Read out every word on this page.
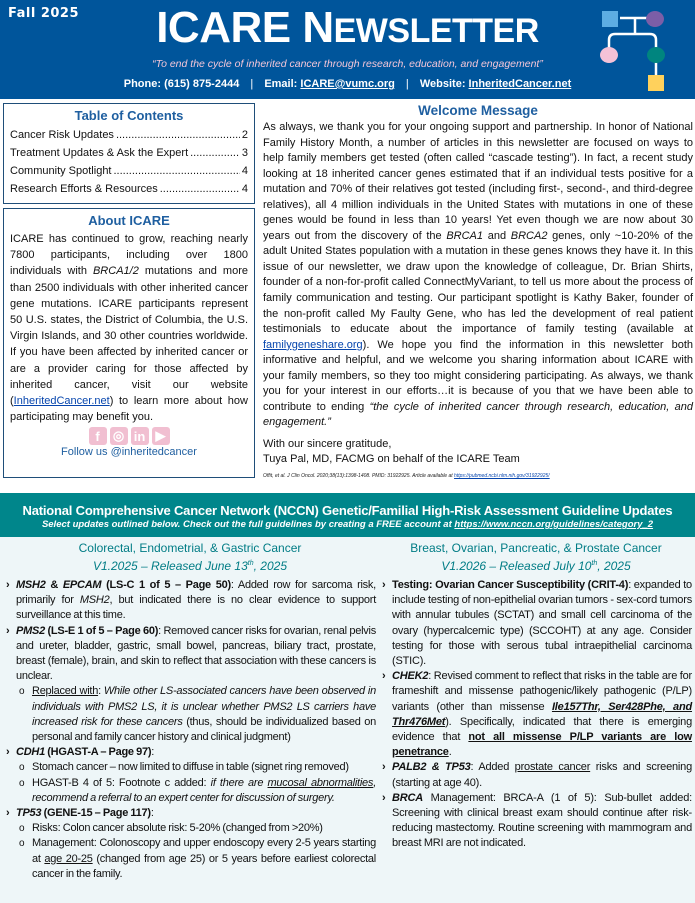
Fall 2025	ICARE NEWSLETTER
“To end the cycle of inherited cancer through research, education, and engagement”
Phone: (615) 875-2444 | Email: ICARE@vumc.org | Website: InheritedCancer.net
Table of Contents
Cancer Risk Updates .....	2
Treatment Updates & Ask the Expert .....	3
Community Spotlight .....	4
Research Efforts & Resources .....	4
About ICARE
ICARE has continued to grow, reaching nearly 7800 participants, including over 1800 individuals with BRCA1/2 mutations and more than 2500 individuals with other inherited cancer gene mutations. ICARE participants represent 50 U.S. states, the District of Columbia, the U.S. Virgin Islands, and 30 other countries worldwide. If you have been affected by inherited cancer or are a provider caring for those affected by inherited cancer, visit our website (InheritedCancer.net) to learn more about how participating may benefit you.
f	◎ in ▶
Follow us @inheritedcancer
Welcome Message
As always, we thank you for your ongoing support and partnership. In honor of National Family History Month, a number of articles in this newsletter are focused on ways to help family members get tested (often called “cascade testing”). In fact, a recent study looking at 18 inherited cancer genes estimated that if an individual tests positive for a mutation and 70% of their relatives got tested (including first-, second-, and third-degree relatives), all 4 million individuals in the United States with mutations in one of these genes would be found in less than 10 years! Yet even though we are now about 30 years out from the discovery of the BRCA1 and BRCA2 genes, only ~10-20% of the adult United States population with a mutation in these genes knows they have it. In this issue of our newsletter, we draw upon the knowledge of colleague, Dr. Brian Shirts, founder of a non-for-profit called ConnectMyVariant, to tell us more about the process of family communication and testing. Our participant spotlight is Kathy Baker, founder of the non-profit called My Faulty Gene, who has led the development of real patient testimonials to educate about the importance of family testing (available at familygeneshare.org). We hope you find the information in this newsletter both informative and helpful, and we welcome you sharing information about ICARE with your family members, so they too might considering participating. As always, we thank you for your interest in our efforts…it is because of you that we have been able to contribute to ending “the cycle of inherited cancer through research, education, and engagement.”
With our sincere gratitude,
Tuya Pal, MD, FACMG on behalf of the ICARE Team
Offit, et al. J Clin Oncol. 2020;38(13):1398-1408. PMID: 31922925. Article available at https://pubmed.ncbi.nlm.nih.gov/31922925/
National Comprehensive Cancer Network (NCCN) Genetic/Familial High-Risk Assessment Guideline Updates
Select updates outlined below. Check out the full guidelines by creating a FREE account at https://www.nccn.org/guidelines/category_2
Colorectal, Endometrial, & Gastric Cancer
V1.2025 – Released June 13th, 2025
› MSH2 & EPCAM (LS-C 1 of 5 – Page 50): Added row for sarcoma risk, primarily for MSH2, but indicated there is no clear evidence to support surveillance at this time.
› PMS2 (LS-E 1 of 5 – Page 60): Removed cancer risks for ovarian, renal pelvis and ureter, bladder, gastric, small bowel, pancreas, biliary tract, prostate, breast (female), brain, and skin to reflect that association with these cancers is unclear.
o Replaced with: While other LS-associated cancers have been observed in individuals with PMS2 LS, it is unclear whether PMS2 LS carriers have increased risk for these cancers (thus, should be individualized based on personal and family cancer history and clinical judgment)
› CDH1 (HGAST-A – Page 97):
o Stomach cancer – now limited to diffuse in table (signet ring removed)
o HGAST-B 4 of 5: Footnote c added: if there are mucosal abnormalities, recommend a referral to an expert center for discussion of surgery.
› TP53 (GENE-15 – Page 117):
o Risks: Colon cancer absolute risk: 5-20% (changed from >20%)
o Management: Colonoscopy and upper endoscopy every 2-5 years starting at age 20-25 (changed from age 25) or 5 years before earliest colorectal cancer in the family.
Breast, Ovarian, Pancreatic, & Prostate Cancer
V1.2026 – Released July 10th, 2025
› Testing: Ovarian Cancer Susceptibility (CRIT-4): expanded to include testing of non-epithelial ovarian tumors - sex-cord tumors with annular tubules (SCTAT) and small cell carcinoma of the ovary (hypercalcemic type) (SCCOHT) at any age. Consider testing for those with serous tubal intraepithelial carcinoma (STIC).
› CHEK2: Revised comment to reflect that risks in the table are for frameshift and missense pathogenic/likely pathogenic (P/LP) variants (other than missense Ile157Thr, Ser428Phe, and Thr476Met). Specifically, indicated that there is emerging evidence that not all missense P/LP variants are low penetrance.
› PALB2 & TP53: Added prostate cancer risks and screening (starting at age 40).
› BRCA Management: BRCA-A (1 of 5): Sub-bullet added: Screening with clinical breast exam should continue after risk-reducing mastectomy. Routine screening with mammogram and breast MRI are not indicated.
